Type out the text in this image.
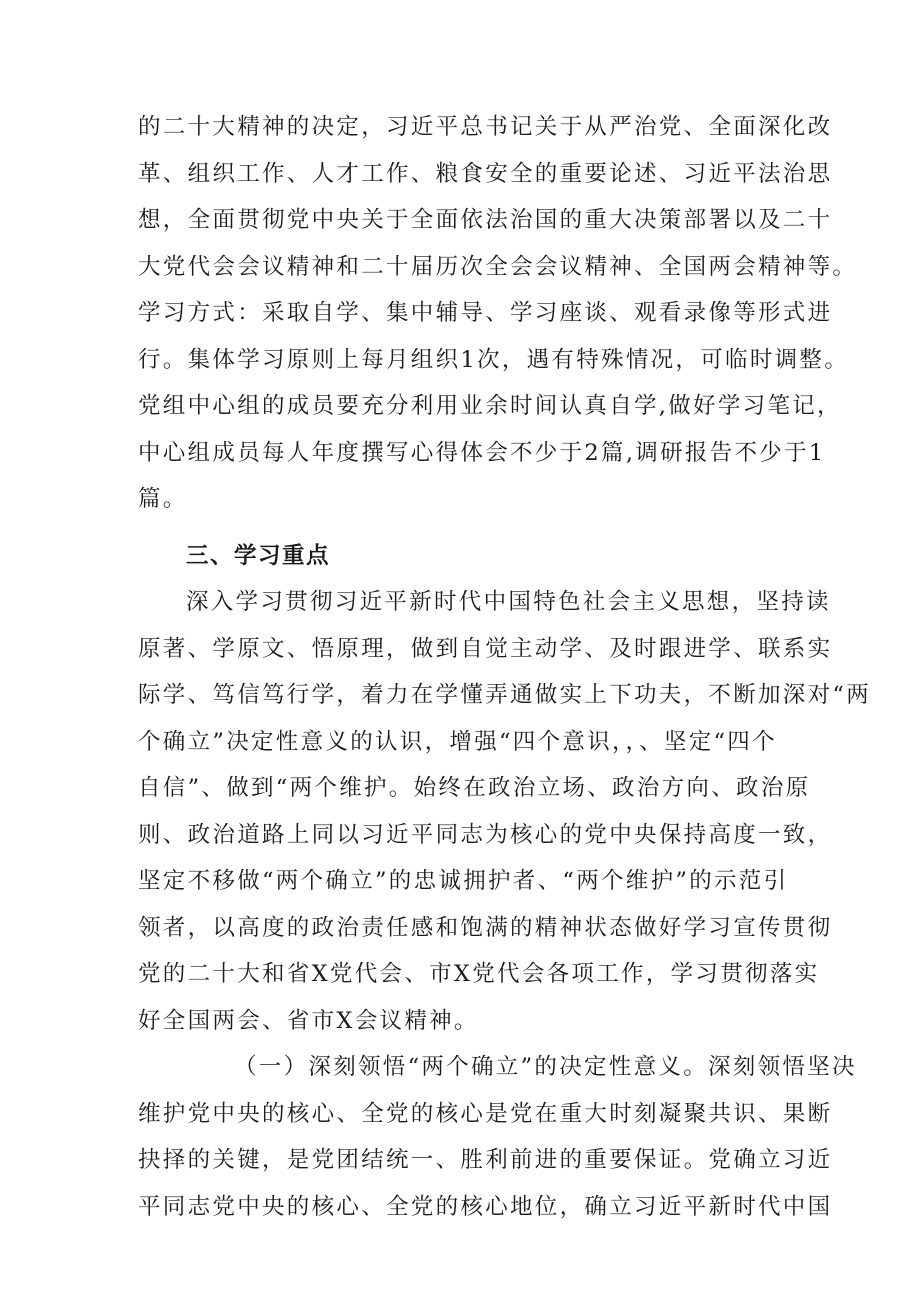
的二十大精神的决定，习近平总书记关于从严治党、全面深化改
革、组织工作、人才工作、粮食安全的重要论述、习近平法治思
想，全面贯彻党中央关于全面依法治国的重大决策部署以及二十
大党代会会议精神和二十届历次全会会议精神、全国两会精神等。
学习方式：采取自学、集中辅导、学习座谈、观看录像等形式进
行。集体学习原则上每月组织1次，遇有特殊情况，可临时调整。
党组中心组的成员要充分利用业余时间认真自学,做好学习笔记，
中心组成员每人年度撰写心得体会不少于2篇,调研报告不少于1
篇。
三、学习重点
深入学习贯彻习近平新时代中国特色社会主义思想，坚持读
原著、学原文、悟原理，做到自觉主动学、及时跟进学、联系实
际学、笃信笃行学，着力在学懂弄通做实上下功夫，不断加深对“两
个确立”决定性意义的认识，增强“四个意识，，、坚定“四个
自信”、做到“两个维护。始终在政治立场、政治方向、政治原
则、政治道路上同以习近平同志为核心的党中央保持高度一致，
坚定不移做“两个确立”的忠诚拥护者、“两个维护”的示范引
领者，以高度的政治责任感和饱满的精神状态做好学习宣传贯彻
党的二十大和省X党代会、市X党代会各项工作，学习贯彻落实
好全国两会、省市X会议精神。
（一）深刻领悟“两个确立”的决定性意义。深刻领悟坚决
维护党中央的核心、全党的核心是党在重大时刻凝聚共识、果断
抉择的关键，是党团结统一、胜利前进的重要保证。党确立习近
平同志党中央的核心、全党的核心地位，确立习近平新时代中国
